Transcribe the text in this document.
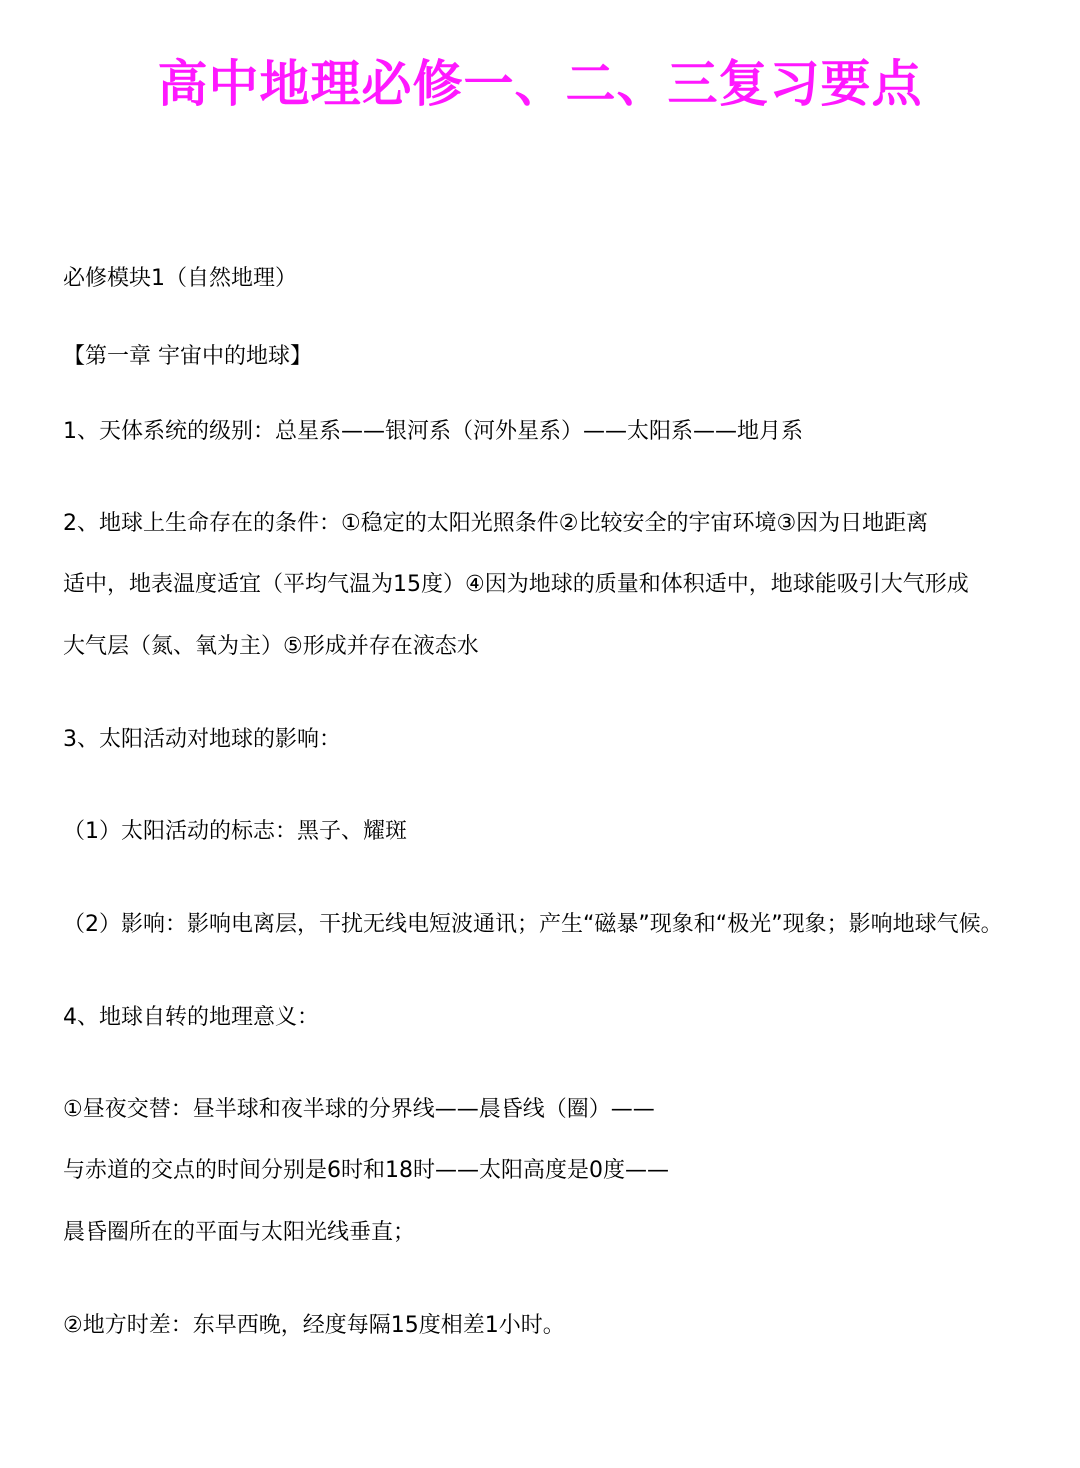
高中地理必修一、二、三复习要点
必修模块1（自然地理）
【第一章 宇宙中的地球】
1、天体系统的级别：总星系——银河系（河外星系）——太阳系——地月系
2、地球上生命存在的条件：①稳定的太阳光照条件②比较安全的宇宙环境③因为日地距离
适中，地表温度适宜（平均气温为15度）④因为地球的质量和体积适中，地球能吸引大气形成
大气层（氮、氧为主）⑤形成并存在液态水
3、太阳活动对地球的影响：
（1）太阳活动的标志：黑子、耀斑
（2）影响：影响电离层，干扰无线电短波通讯；产生“磁暴”现象和“极光”现象；影响地球气候。
4、地球自转的地理意义：
①昼夜交替：昼半球和夜半球的分界线——晨昏线（圈）——
与赤道的交点的时间分别是6时和18时——太阳高度是0度——
晨昏圈所在的平面与太阳光线垂直；
②地方时差：东早西晚，经度每隔15度相差1小时。
